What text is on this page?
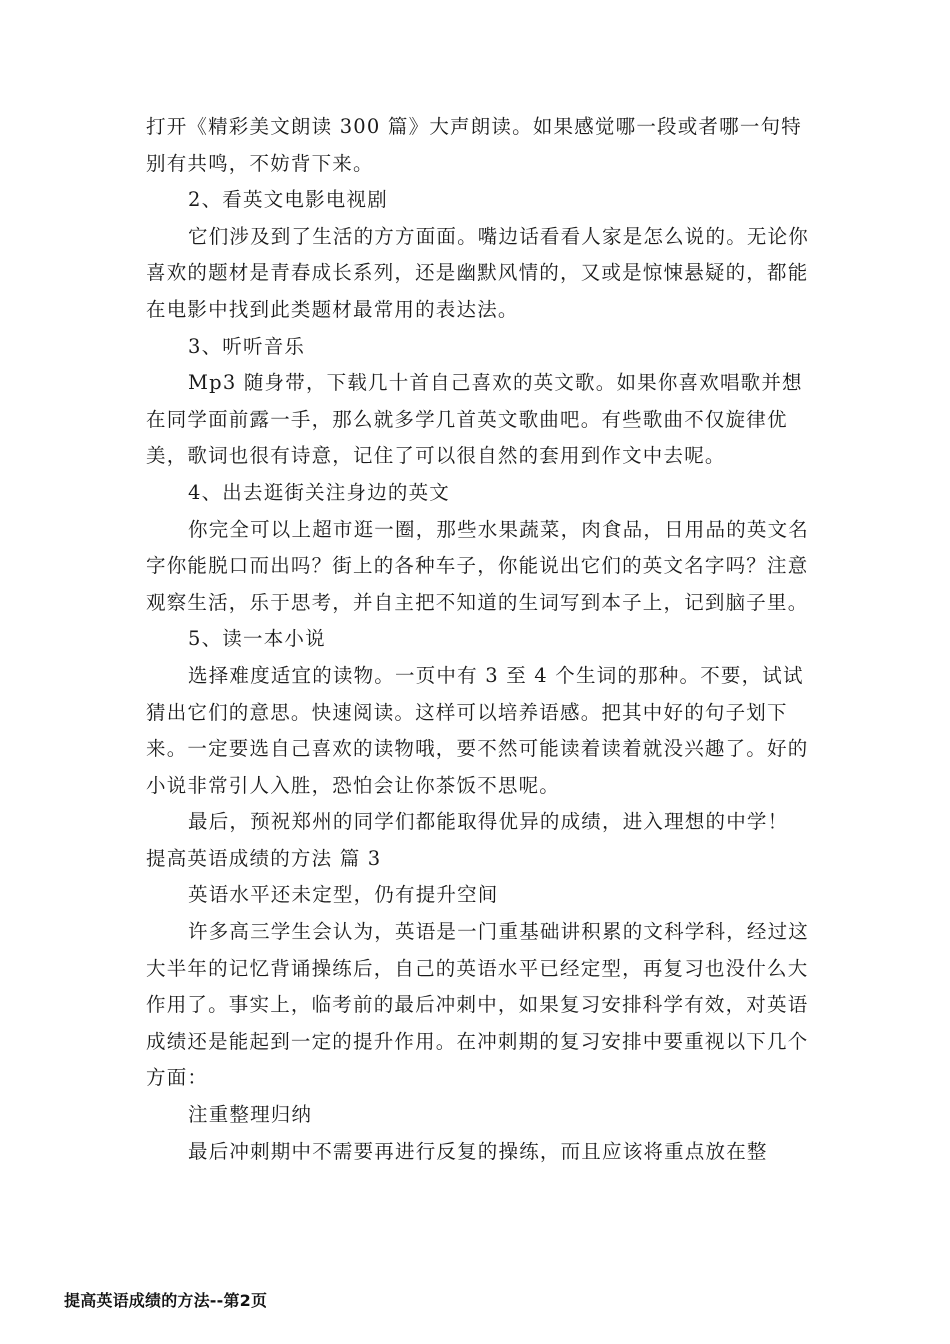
打开《精彩美文朗读 300 篇》大声朗读。如果感觉哪一段或者哪一句特别有共鸣，不妨背下来。

2、看英文电影电视剧

它们涉及到了生活的方方面面。嘴边话看看人家是怎么说的。无论你喜欢的题材是青春成长系列，还是幽默风情的，又或是惊悚悬疑的，都能在电影中找到此类题材最常用的表达法。

3、听听音乐

Mp3 随身带，下载几十首自己喜欢的英文歌。如果你喜欢唱歌并想在同学面前露一手，那么就多学几首英文歌曲吧。有些歌曲不仅旋律优美，歌词也很有诗意，记住了可以很自然的套用到作文中去呢。

4、出去逛街关注身边的英文

你完全可以上超市逛一圈，那些水果蔬菜，肉食品，日用品的英文名字你能脱口而出吗？街上的各种车子，你能说出它们的英文名字吗？注意观察生活，乐于思考，并自主把不知道的生词写到本子上，记到脑子里。

5、读一本小说

选择难度适宜的读物。一页中有 3 至 4 个生词的那种。不要，试试猜出它们的意思。快速阅读。这样可以培养语感。把其中好的句子划下来。一定要选自己喜欢的读物哦，要不然可能读着读着就没兴趣了。好的小说非常引人入胜，恐怕会让你茶饭不思呢。

最后，预祝郑州的同学们都能取得优异的成绩，进入理想的中学！

提高英语成绩的方法 篇 3

英语水平还未定型，仍有提升空间

许多高三学生会认为，英语是一门重基础讲积累的文科学科，经过这大半年的记忆背诵操练后，自己的英语水平已经定型，再复习也没什么大作用了。事实上，临考前的最后冲刺中，如果复习安排科学有效，对英语成绩还是能起到一定的提升作用。在冲刺期的复习安排中要重视以下几个方面：

注重整理归纳

最后冲刺期中不需要再进行反复的操练，而且应该将重点放在整

提高英语成绩的方法--第2页
